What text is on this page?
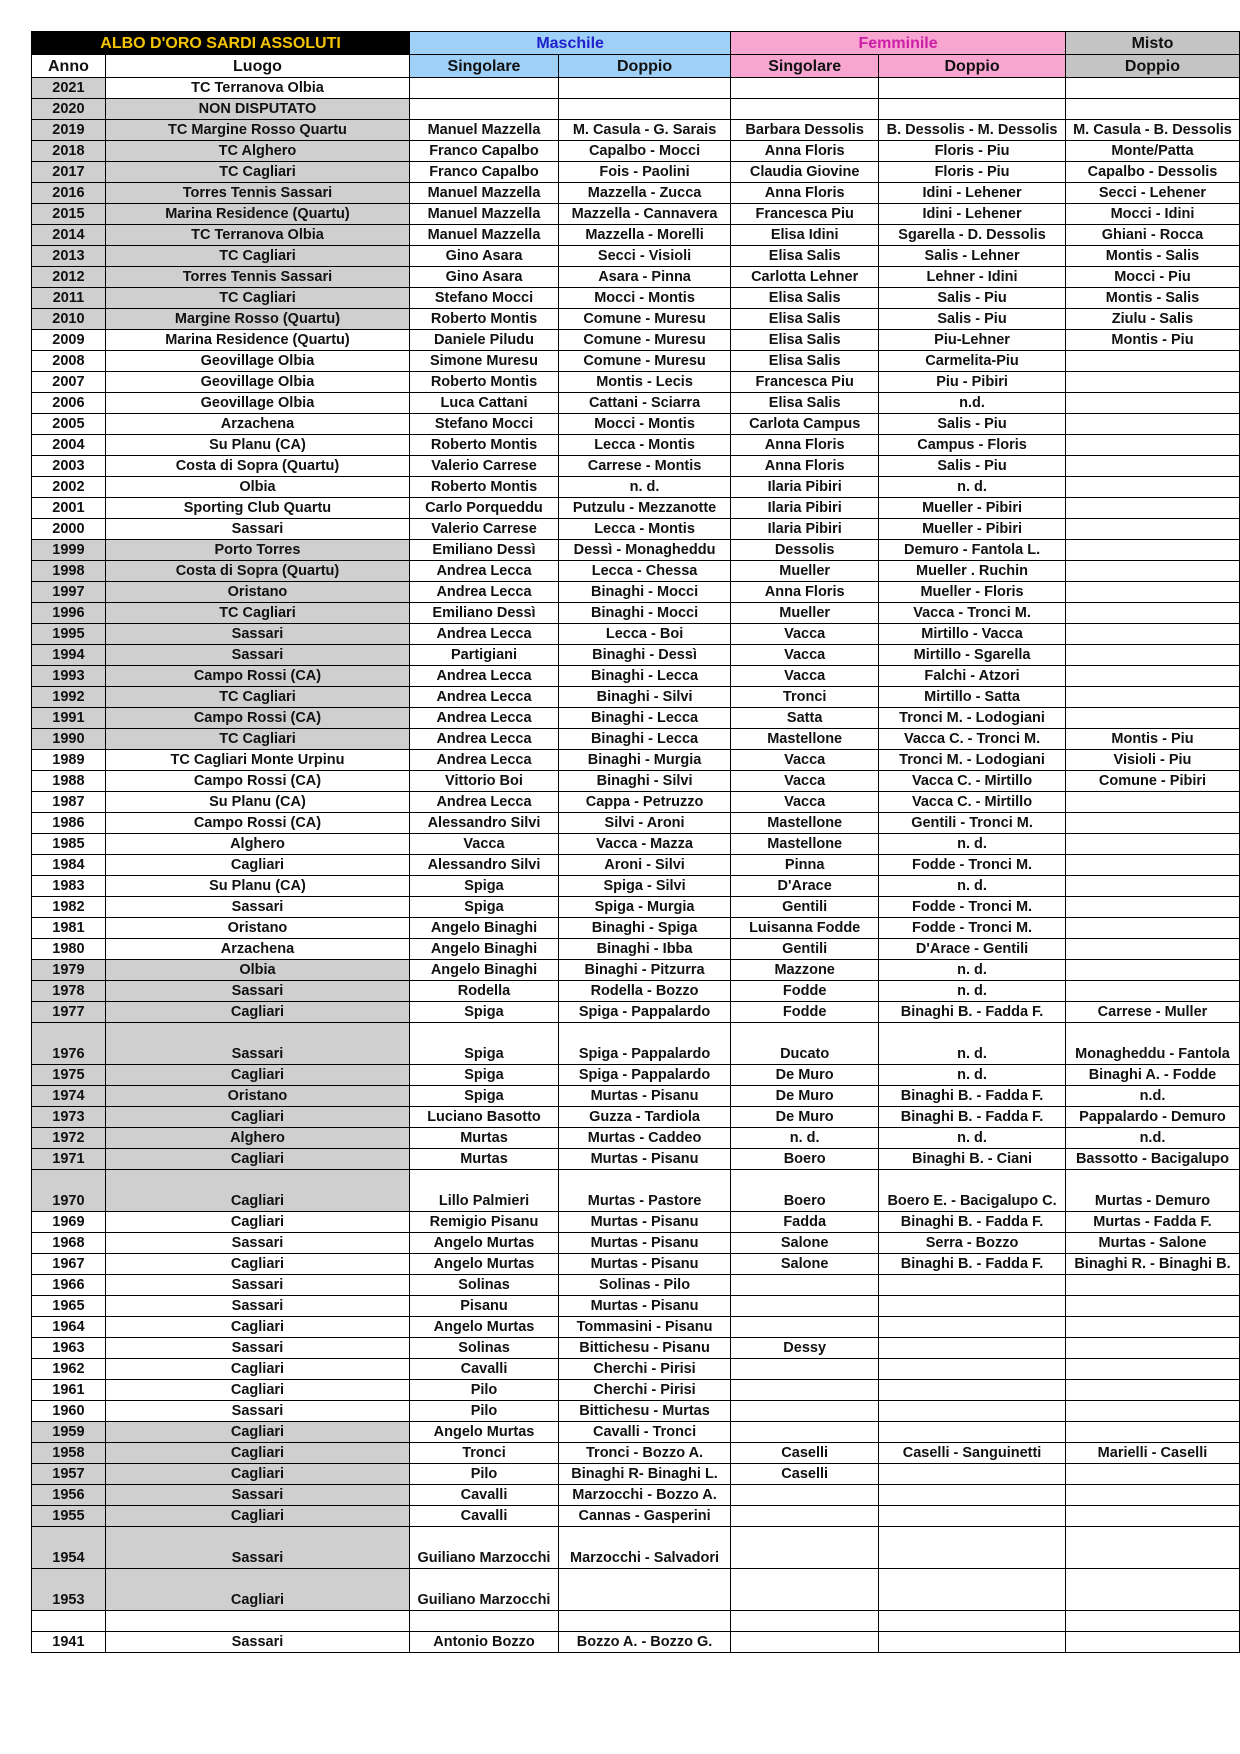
ALBO D'ORO SARDI ASSOLUTI		Maschile		Femminile		Misto
Anno	Luogo	Singolare	Doppio	Singolare	Doppio	Doppio
2021	TC Terranova Olbia					
2020	NON DISPUTATO					
2019	TC Margine Rosso Quartu	Manuel Mazzella	M. Casula - G. Sarais	Barbara Dessolis	B. Dessolis - M. Dessolis	M. Casula - B. Dessolis
2018	TC Alghero	Franco Capalbo	Capalbo - Mocci	Anna Floris	Floris - Piu	Monte/Patta
2017	TC Cagliari	Franco Capalbo	Fois - Paolini	Claudia Giovine	Floris - Piu	Capalbo - Dessolis
2016	Torres Tennis Sassari	Manuel Mazzella	Mazzella - Zucca	Anna Floris	Idini - Lehener	Secci - Lehener
2015	Marina Residence (Quartu)	Manuel Mazzella	Mazzella - Cannavera	Francesca Piu	Idini - Lehener	Mocci - Idini
2014	TC Terranova Olbia	Manuel Mazzella	Mazzella - Morelli	Elisa Idini	Sgarella - D. Dessolis	Ghiani - Rocca
2013	TC Cagliari	Gino Asara	Secci - Visioli	Elisa Salis	Salis - Lehner	Montis - Salis
2012	Torres Tennis Sassari	Gino Asara	Asara - Pinna	Carlotta Lehner	Lehner - Idini	Mocci - Piu
2011	TC Cagliari	Stefano Mocci	Mocci - Montis	Elisa Salis	Salis - Piu	Montis - Salis
2010	Margine Rosso (Quartu)	Roberto Montis	Comune - Muresu	Elisa Salis	Salis - Piu	Ziulu - Salis
2009	Marina Residence (Quartu)	Daniele Piludu	Comune - Muresu	Elisa Salis	Piu-Lehner	Montis - Piu
2008	Geovillage Olbia	Simone Muresu	Comune - Muresu	Elisa Salis	Carmelita-Piu	
2007	Geovillage Olbia	Roberto Montis	Montis - Lecis	Francesca Piu	Piu - Pibiri	
2006	Geovillage Olbia	Luca Cattani	Cattani - Sciarra	Elisa Salis	n.d.	
2005	Arzachena	Stefano Mocci	Mocci - Montis	Carlota Campus	Salis - Piu	
2004	Su Planu (CA)	Roberto Montis	Lecca - Montis	Anna Floris	Campus - Floris	
2003	Costa di Sopra (Quartu)	Valerio Carrese	Carrese - Montis	Anna Floris	Salis - Piu	
2002	Olbia	Roberto Montis	n. d.	Ilaria Pibiri	n. d.	
2001	Sporting Club Quartu	Carlo Porqueddu	Putzulu - Mezzanotte	Ilaria Pibiri	Mueller - Pibiri	
2000	Sassari	Valerio Carrese	Lecca - Montis	Ilaria Pibiri	Mueller - Pibiri	
1999	Porto Torres	Emiliano Dessì	Dessì - Monagheddu	Dessolis	Demuro - Fantola L.	
1998	Costa di Sopra (Quartu)	Andrea Lecca	Lecca - Chessa	Mueller	Mueller . Ruchin	
1997	Oristano	Andrea Lecca	Binaghi - Mocci	Anna Floris	Mueller - Floris	
1996	TC Cagliari	Emiliano Dessì	Binaghi - Mocci	Mueller	Vacca - Tronci M.	
1995	Sassari	Andrea Lecca	Lecca - Boi	Vacca	Mirtillo - Vacca	
1994	Sassari	Partigiani	Binaghi - Dessì	Vacca	Mirtillo - Sgarella	
1993	Campo Rossi (CA)	Andrea Lecca	Binaghi - Lecca	Vacca	Falchi - Atzori	
1992	TC Cagliari	Andrea Lecca	Binaghi - Silvi	Tronci	Mirtillo - Satta	
1991	Campo Rossi (CA)	Andrea Lecca	Binaghi - Lecca	Satta	Tronci M. - Lodogiani	
1990	TC Cagliari	Andrea Lecca	Binaghi - Lecca	Mastellone	Vacca C. - Tronci M.	Montis - Piu
1989	TC Cagliari Monte Urpinu	Andrea Lecca	Binaghi - Murgia	Vacca	Tronci M. - Lodogiani	Visioli - Piu
1988	Campo Rossi (CA)	Vittorio Boi	Binaghi - Silvi	Vacca	Vacca C. - Mirtillo	Comune - Pibiri
1987	Su Planu (CA)	Andrea Lecca	Cappa - Petruzzo	Vacca	Vacca C. - Mirtillo	
1986	Campo Rossi (CA)	Alessandro Silvi	Silvi - Aroni	Mastellone	Gentili - Tronci M.	
1985	Alghero	Vacca	Vacca - Mazza	Mastellone	n. d.	
1984	Cagliari	Alessandro Silvi	Aroni - Silvi	Pinna	Fodde - Tronci M.	
1983	Su Planu (CA)	Spiga	Spiga - Silvi	D'Arace	n. d.	
1982	Sassari	Spiga	Spiga - Murgia	Gentili	Fodde - Tronci M.	
1981	Oristano	Angelo Binaghi	Binaghi - Spiga	Luisanna Fodde	Fodde - Tronci M.	
1980	Arzachena	Angelo Binaghi	Binaghi - Ibba	Gentili	D'Arace - Gentili	
1979	Olbia	Angelo Binaghi	Binaghi - Pitzurra	Mazzone	n. d.	
1978	Sassari	Rodella	Rodella - Bozzo	Fodde	n. d.	
1977	Cagliari	Spiga	Spiga - Pappalardo	Fodde	Binaghi B. - Fadda F.	Carrese - Muller
1976	Sassari	Spiga	Spiga - Pappalardo	Ducato	n. d.	Monagheddu - Fantola
1975	Cagliari	Spiga	Spiga - Pappalardo	De Muro	n. d.	Binaghi A. - Fodde
1974	Oristano	Spiga	Murtas - Pisanu	De Muro	Binaghi B. - Fadda F.	n.d.
1973	Cagliari	Luciano Basotto	Guzza - Tardiola	De Muro	Binaghi B. - Fadda F.	Pappalardo - Demuro
1972	Alghero	Murtas	Murtas - Caddeo	n. d.	n. d.	n.d.
1971	Cagliari	Murtas	Murtas - Pisanu	Boero	Binaghi B. - Ciani	Bassotto - Bacigalupo
1970	Cagliari	Lillo Palmieri	Murtas - Pastore	Boero	Boero E. - Bacigalupo C.	Murtas - Demuro
1969	Cagliari	Remigio Pisanu	Murtas - Pisanu	Fadda	Binaghi B. - Fadda F.	Murtas - Fadda F.
1968	Sassari	Angelo Murtas	Murtas - Pisanu	Salone	Serra - Bozzo	Murtas - Salone
1967	Cagliari	Angelo Murtas	Murtas - Pisanu	Salone	Binaghi B. - Fadda F.	Binaghi R. - Binaghi B.
1966	Sassari	Solinas	Solinas - Pilo			
1965	Sassari	Pisanu	Murtas - Pisanu			
1964	Cagliari	Angelo Murtas	Tommasini - Pisanu			
1963	Sassari	Solinas	Bittichesu - Pisanu	Dessy		
1962	Cagliari	Cavalli	Cherchi - Pirisi			
1961	Cagliari	Pilo	Cherchi - Pirisi			
1960	Sassari	Pilo	Bittichesu - Murtas			
1959	Cagliari	Angelo Murtas	Cavalli - Tronci			
1958	Cagliari	Tronci	Tronci - Bozzo A.	Caselli	Caselli - Sanguinetti	Marielli - Caselli
1957	Cagliari	Pilo	Binaghi R- Binaghi L.	Caselli		
1956	Sassari	Cavalli	Marzocchi - Bozzo A.			
1955	Cagliari	Cavalli	Cannas - Gasperini			
1954	Sassari	Guiliano Marzocchi	Marzocchi - Salvadori			
1953	Cagliari	Guiliano Marzocchi				

1941	Sassari	Antonio Bozzo	Bozzo A. - Bozzo G.			
